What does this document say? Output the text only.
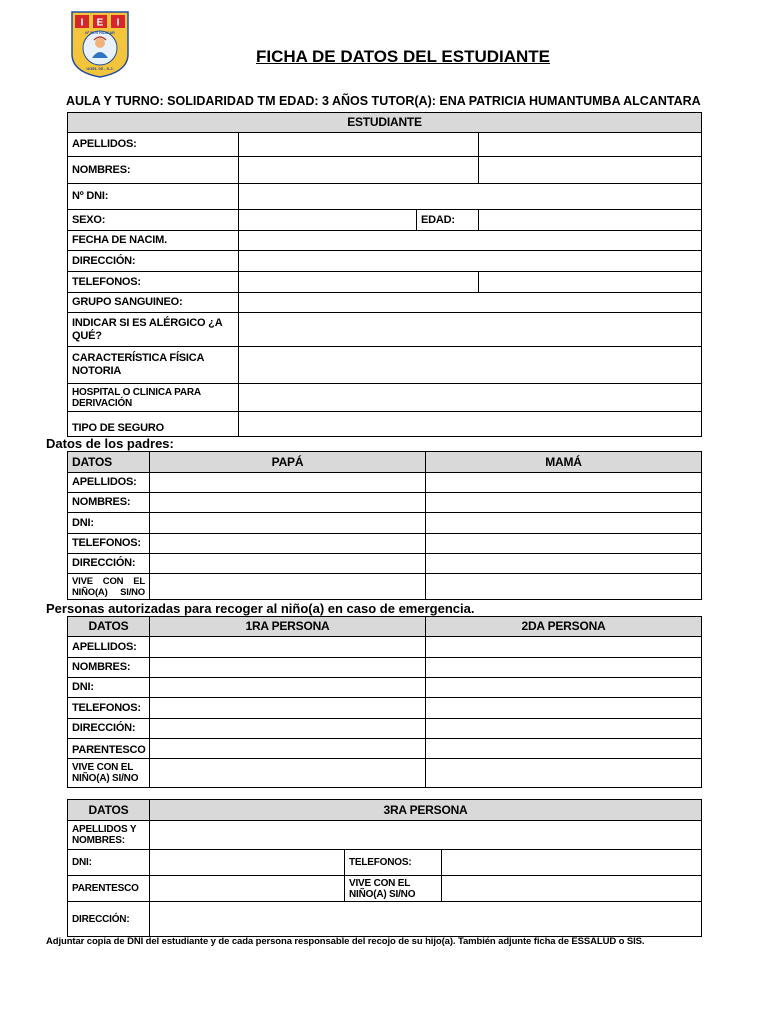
I E I
Nº 5070 HUACAR
UGEL 05 - S.J.
FICHA DE DATOS DEL ESTUDIANTE
AULA Y TURNO: SOLIDARIDAD TM EDAD: 3 AÑOS TUTOR(A): ENA PATRICIA HUMANTUMBA ALCANTARA
ESTUDIANTE			
APELLIDOS:			
NOMBRES:			
Nº DNI:			
SEXO:		EDAD:	
FECHA DE NACIM.			
DIRECCIÓN:			
TELEFONOS:			
GRUPO SANGUINEO:			
INDICAR SI ES ALÉRGICO ¿A QUÉ?			
CARACTERÍSTICA FÍSICA NOTORIA			
HOSPITAL O CLINICA PARA DERIVACIÓN			
TIPO DE SEGURO			
Datos de los padres:
DATOS	PAPÁ	MAMÁ
APELLIDOS:		
NOMBRES:		
DNI:		
TELEFONOS:		
DIRECCIÓN:		
VIVE CON EL NIÑO(A) SI/NO		
Personas autorizadas para recoger al niño(a) en caso de emergencia.
DATOS	1RA PERSONA	2DA PERSONA
APELLIDOS:		
NOMBRES:		
DNI:		
TELEFONOS:		
DIRECCIÓN:		
PARENTESCO		
VIVE CON EL NIÑO(A) SI/NO		
DATOS	3RA PERSONA		
APELLIDOS Y NOMBRES:			
DNI:		TELEFONOS:	
PARENTESCO		VIVE CON EL NIÑO(A) SI/NO	
DIRECCIÓN:			
Adjuntar copia de DNI del estudiante y de cada persona responsable del recojo de su hijo(a). También adjunte ficha de ESSALUD o SIS.
